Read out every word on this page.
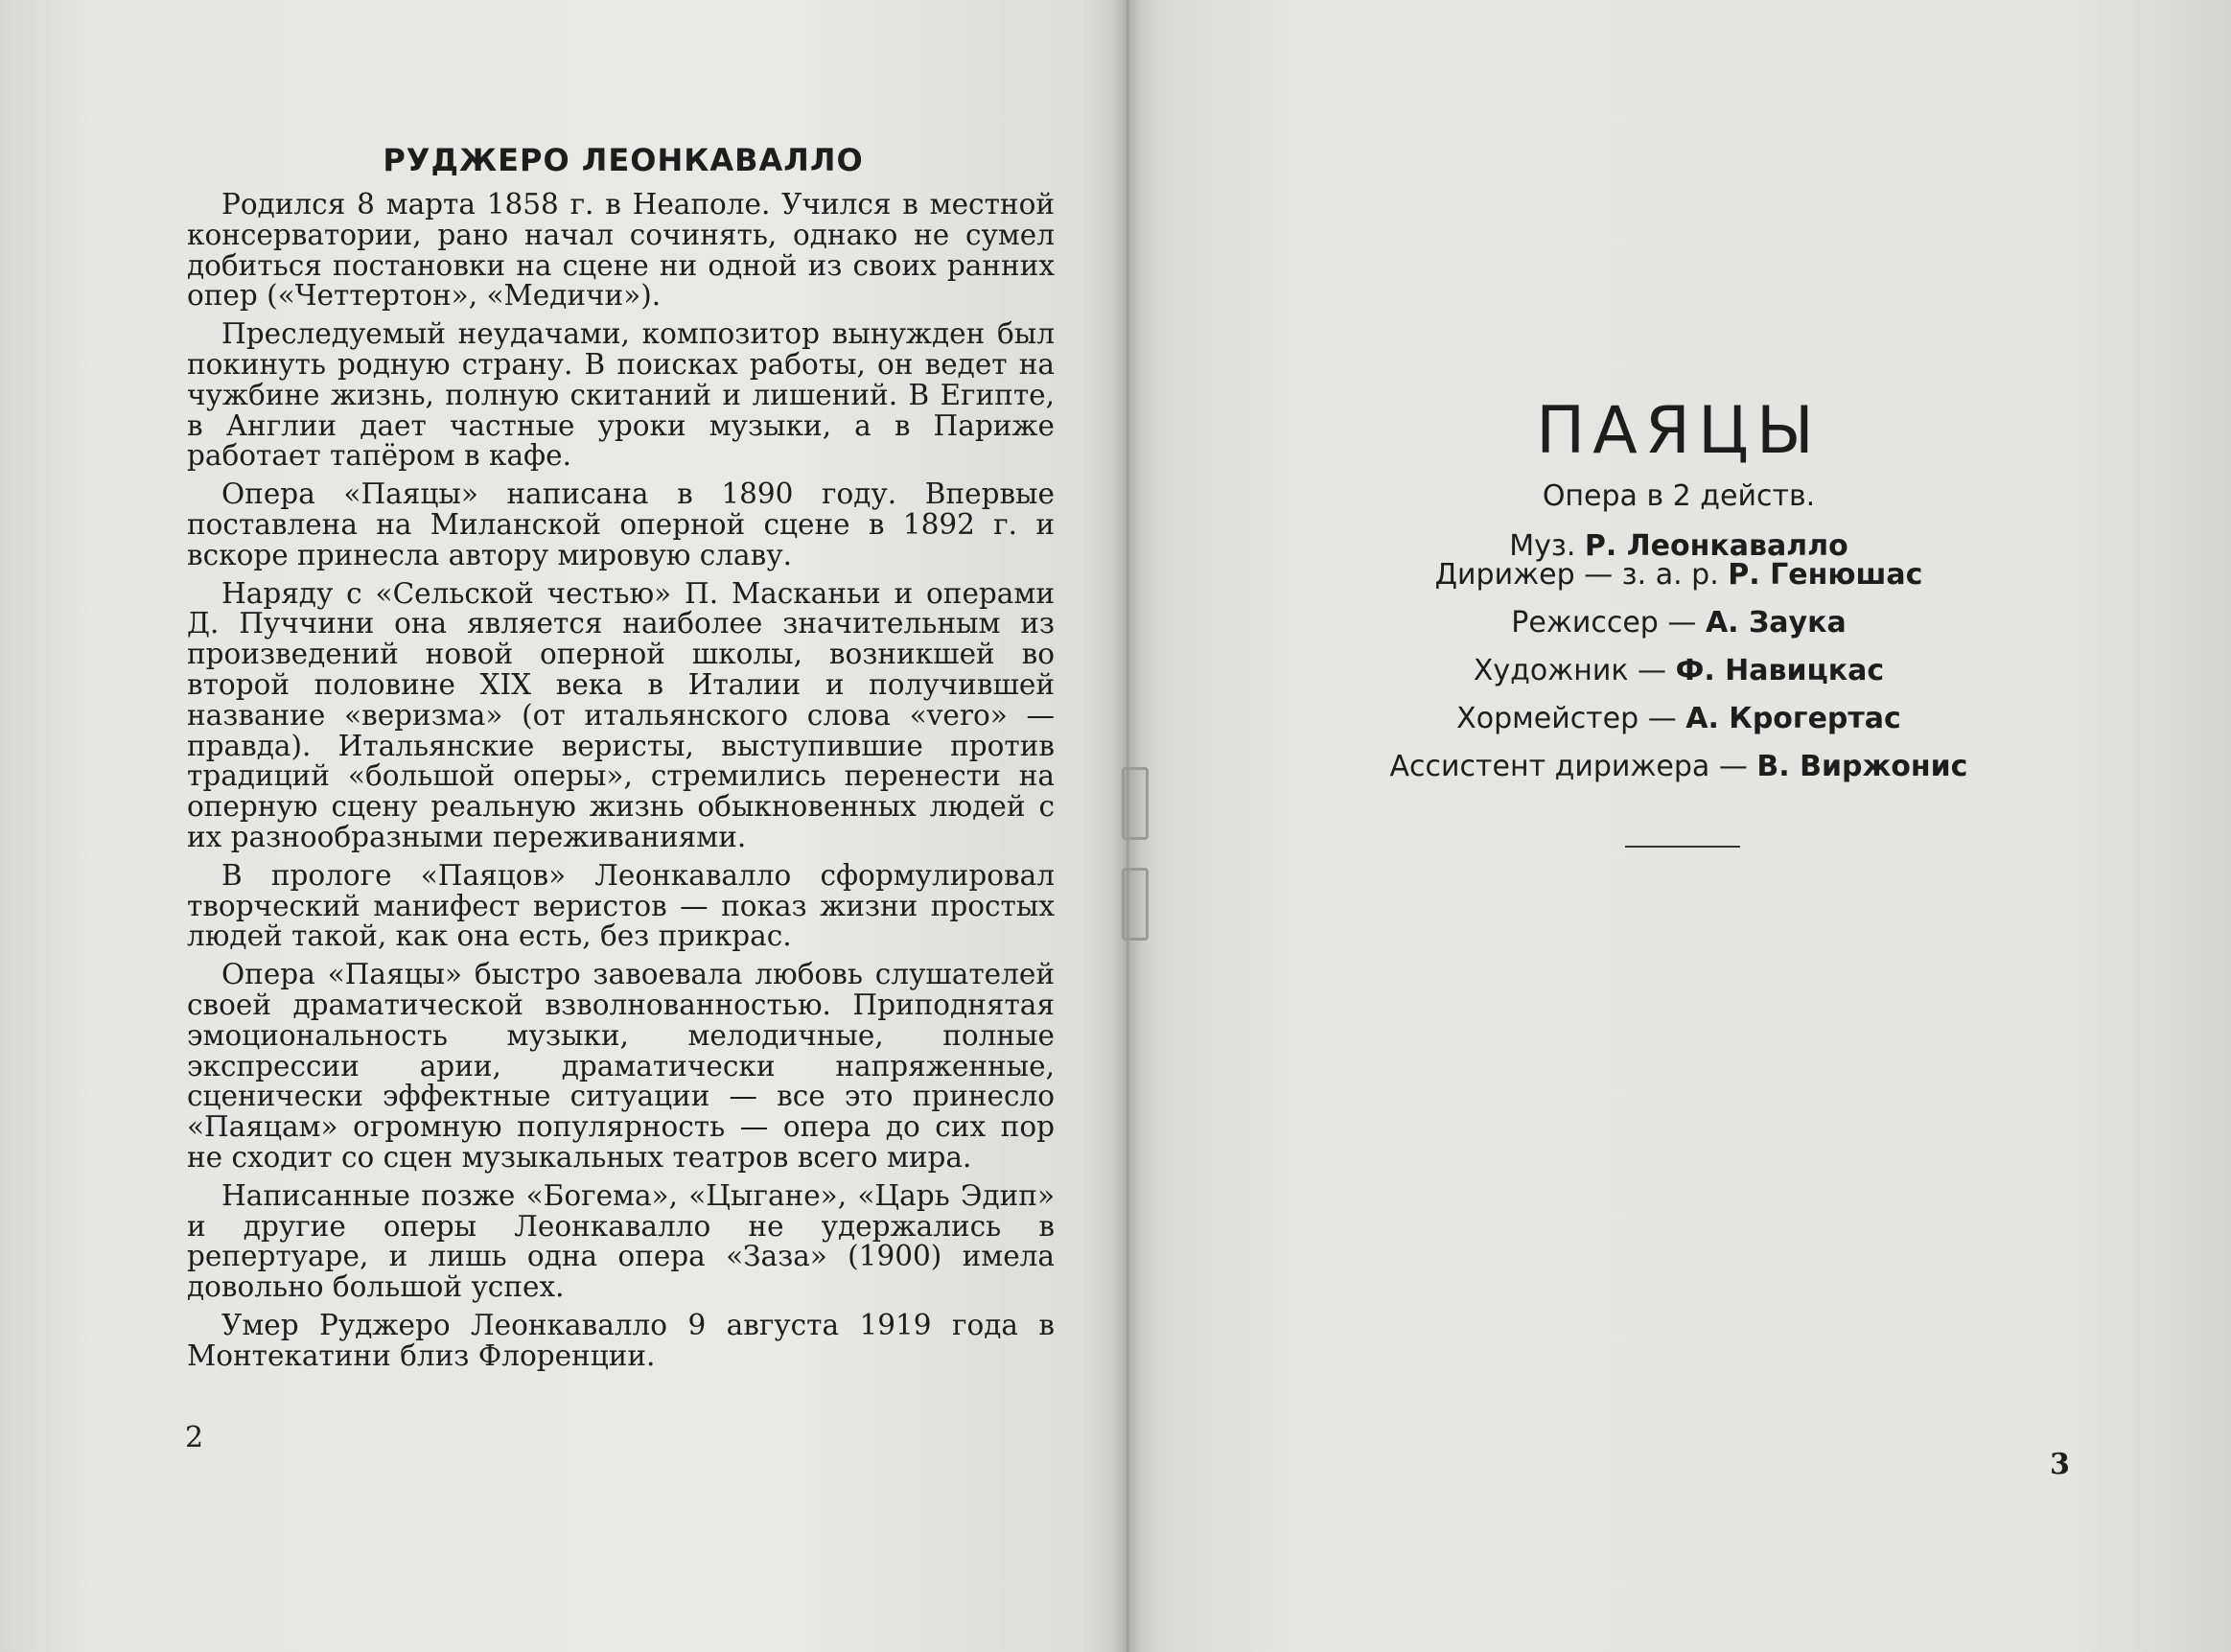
РУДЖЕРО ЛЕОНКАВАЛЛО

Родился 8 марта 1858 г. в Неаполе. Учился в местной консерватории, рано начал сочинять, однако не сумел добиться постановки на сцене ни одной из своих ранних опер («Четтертон», «Медичи»).

Преследуемый неудачами, композитор вынужден был покинуть родную страну. В поисках работы, он ведет на чужбине жизнь, полную скитаний и лишений. В Египте, в Англии дает частные уроки музыки, а в Париже работает тапёром в кафе.

Опера «Паяцы» написана в 1890 году. Впервые поставлена на Миланской оперной сцене в 1892 г. и вскоре принесла автору мировую славу.

Наряду с «Сельской честью» П. Масканьи и операми Д. Пуччини она является наиболее значительным из произведений новой оперной школы, возникшей во второй половине XIX века в Италии и получившей название «веризма» (от итальянского слова «vero» — правда). Итальянские веристы, выступившие против традиций «большой оперы», стремились перенести на оперную сцену реальную жизнь обыкновенных людей с их разнообразными переживаниями.

В прологе «Паяцов» Леонкавалло сформулировал творческий манифест веристов — показ жизни простых людей такой, как она есть, без прикрас.

Опера «Паяцы» быстро завоевала любовь слушателей своей драматической взволнованностью. Приподнятая эмоциональность музыки, мелодичные, полные экспрессии арии, драматически напряженные, сценически эффектные ситуации — все это принесло «Паяцам» огромную популярность — опера до сих пор не сходит со сцен музыкальных театров всего мира.

Написанные позже «Богема», «Цыгане», «Царь Эдип» и другие оперы Леонкавалло не удержались в репертуаре, и лишь одна опера «Заза» (1900) имела довольно большой успех.

Умер Руджеро Леонкавалло 9 августа 1919 года в Монтекатини близ Флоренции.

2
ПАЯЦЫ
Опера в 2 действ.
Муз. Р. Леонкавалло
Дирижер — з. а. р. Р. Генюшас
Режиссер — А. Заука
Художник — Ф. Навицкас
Хормейстер — А. Крогертас
Ассистент дирижера — В. Виржонис
3
